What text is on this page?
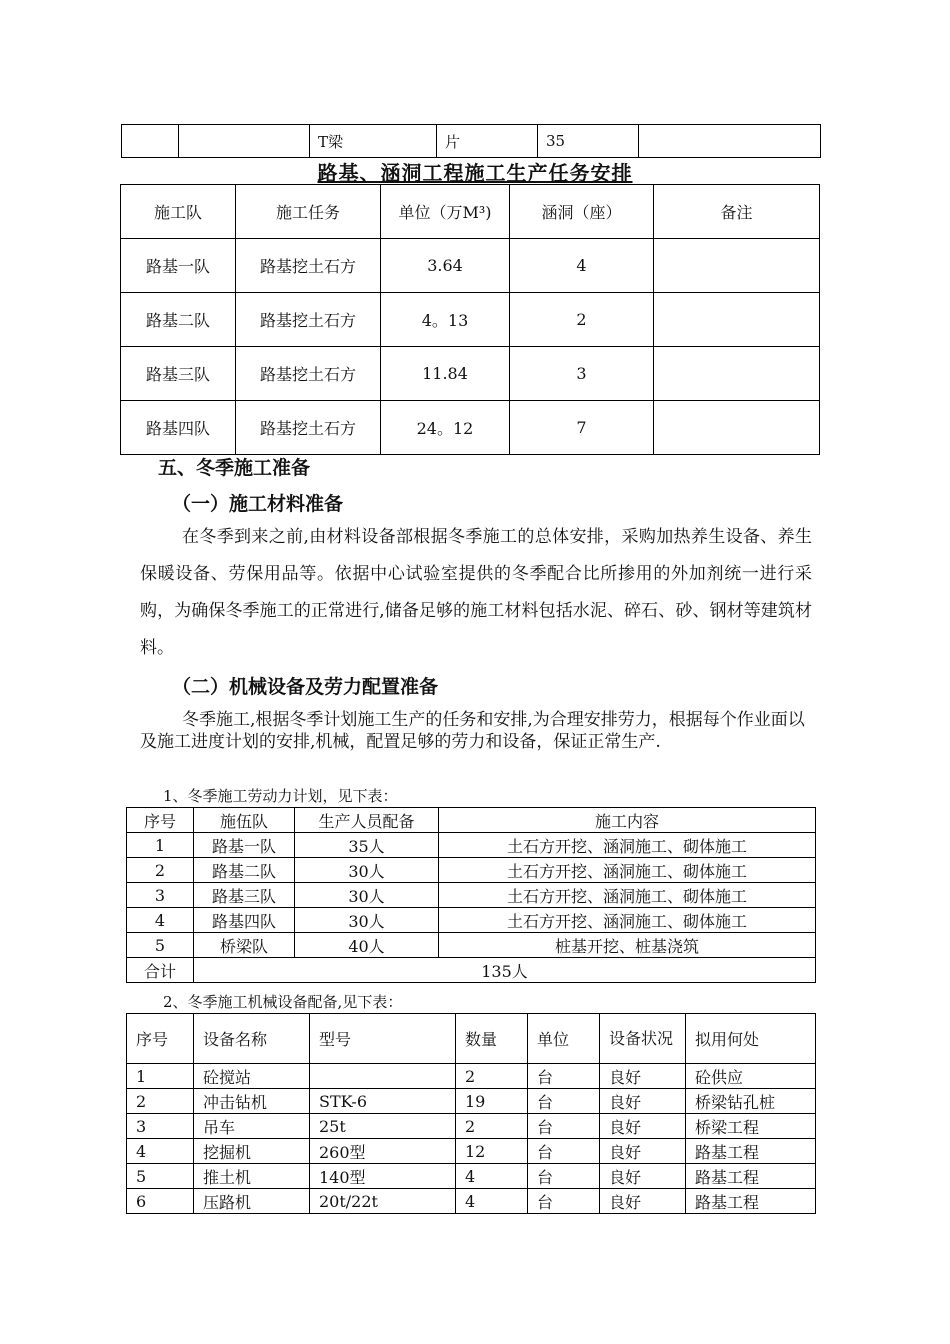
		T梁	片	35	
路基、涵洞工程施工生产任务安排
施工队	施工任务	单位（万M³)	涵洞（座）	备注
路基一队	路基挖土石方	3.64	4	
路基二队	路基挖土石方	4。13	2	
路基三队	路基挖土石方	11.84	3	
路基四队	路基挖土石方	24。12	7	
五、冬季施工准备
（一）施工材料准备
在冬季到来之前,由材料设备部根据冬季施工的总体安排，采购加热养生设备、养生保暖设备、劳保用品等。依据中心试验室提供的冬季配合比所掺用的外加剂统一进行采购，为确保冬季施工的正常进行,储备足够的施工材料包括水泥、碎石、砂、钢材等建筑材料。
（二）机械设备及劳力配置准备
冬季施工,根据冬季计划施工生产的任务和安排,为合理安排劳力，根据每个作业面以及施工进度计划的安排,机械，配置足够的劳力和设备，保证正常生产.
1、冬季施工劳动力计划，见下表：
序号	施伍队	生产人员配备	施工内容
1	路基一队	35人	土石方开挖、涵洞施工、砌体施工
2	路基二队	30人	土石方开挖、涵洞施工、砌体施工
3	路基三队	30人	土石方开挖、涵洞施工、砌体施工
4	路基四队	30人	土石方开挖、涵洞施工、砌体施工
5	桥梁队	40人	桩基开挖、桩基浇筑
合计	135人		
2、冬季施工机械设备配备,见下表：
序号	设备名称	型号	数量	单位	设备状况	拟用何处
1	砼搅站		2	台	良好	砼供应
2	冲击钻机	STK-6	19	台	良好	桥梁钻孔桩
3	吊车	25t	2	台	良好	桥梁工程
4	挖掘机	260型	12	台	良好	路基工程
5	推土机	140型	4	台	良好	路基工程
6	压路机	20t/22t	4	台	良好	路基工程
